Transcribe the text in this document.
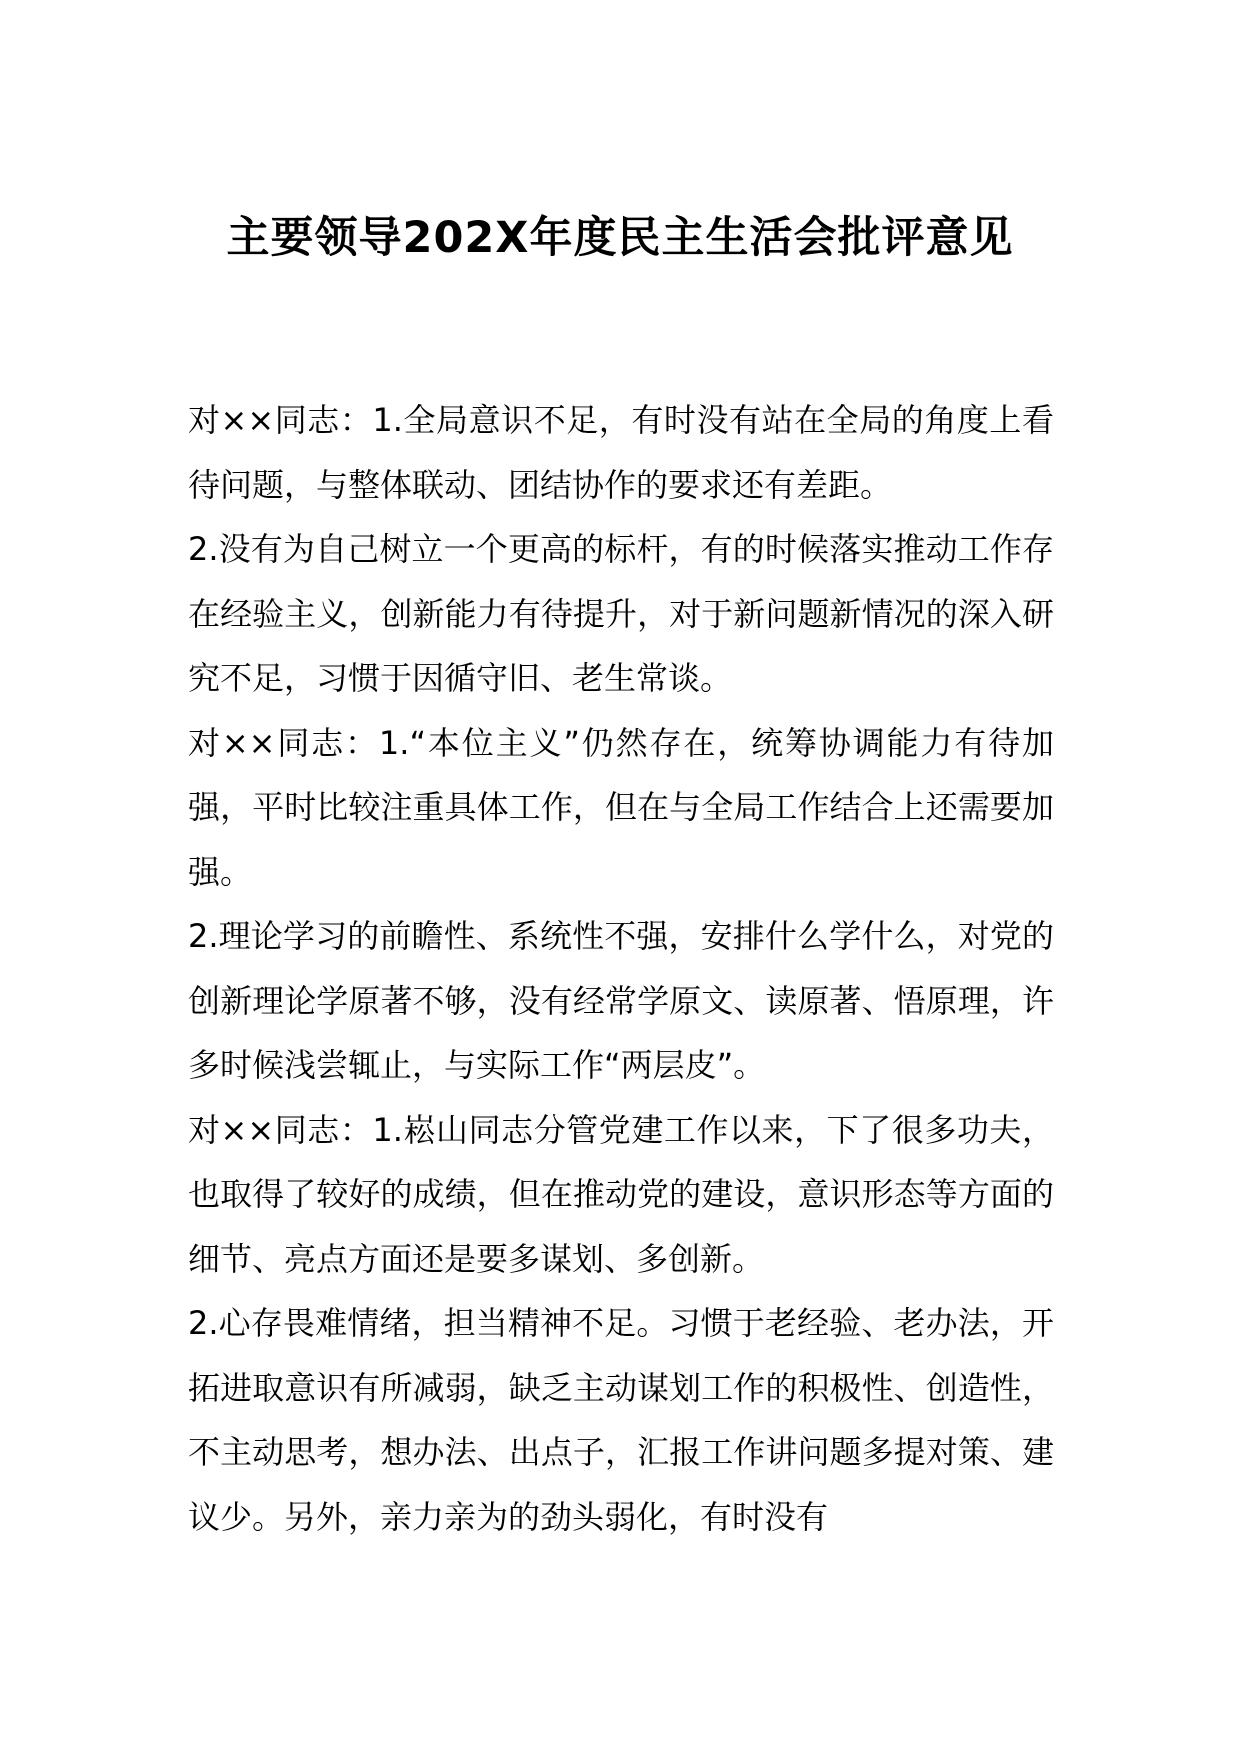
主要领导202X年度民主生活会批评意见

对××同志：1.全局意识不足，有时没有站在全局的角度上看待问题，与整体联动、团结协作的要求还有差距。

2.没有为自己树立一个更高的标杆，有的时候落实推动工作存在经验主义，创新能力有待提升，对于新问题新情况的深入研究不足，习惯于因循守旧、老生常谈。

对××同志：1.“本位主义”仍然存在，统筹协调能力有待加强，平时比较注重具体工作，但在与全局工作结合上还需要加强。

2.理论学习的前瞻性、系统性不强，安排什么学什么，对党的创新理论学原著不够，没有经常学原文、读原著、悟原理，许多时候浅尝辄止，与实际工作“两层皮”。

对××同志：1.崧山同志分管党建工作以来，下了很多功夫，也取得了较好的成绩，但在推动党的建设，意识形态等方面的细节、亮点方面还是要多谋划、多创新。

2.心存畏难情绪，担当精神不足。习惯于老经验、老办法，开拓进取意识有所减弱，缺乏主动谋划工作的积极性、创造性，不主动思考，想办法、出点子，汇报工作讲问题多提对策、建议少。另外，亲力亲为的劲头弱化，有时没有
